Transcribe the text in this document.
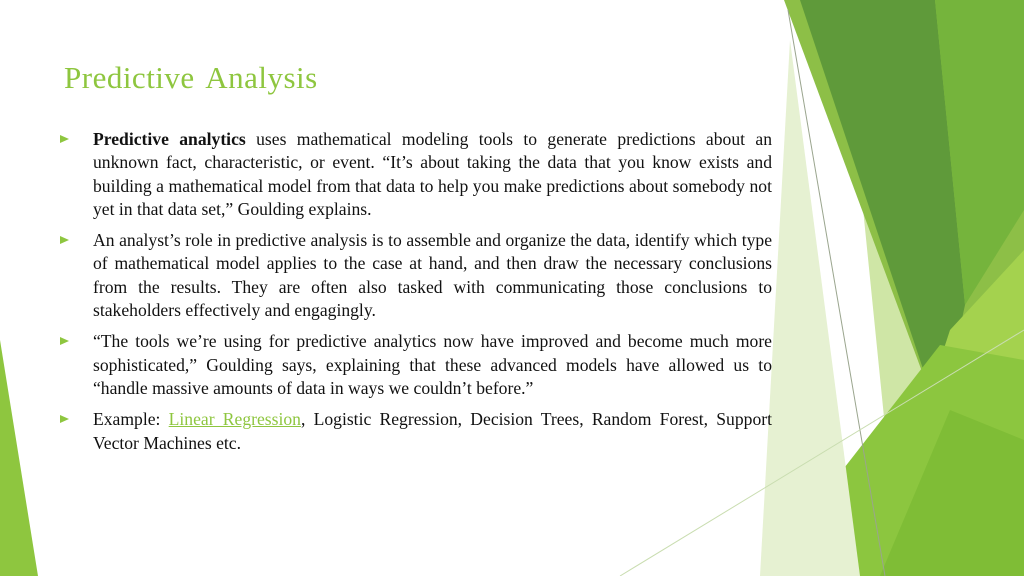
Predictive Analysis

Predictive analytics uses mathematical modeling tools to generate predictions about an unknown fact, characteristic, or event. “It’s about taking the data that you know exists and building a mathematical model from that data to help you make predictions about somebody not yet in that data set,” Goulding explains.

An analyst’s role in predictive analysis is to assemble and organize the data, identify which type of mathematical model applies to the case at hand, and then draw the necessary conclusions from the results. They are often also tasked with communicating those conclusions to stakeholders effectively and engagingly.

“The tools we’re using for predictive analytics now have improved and become much more sophisticated,” Goulding says, explaining that these advanced models have allowed us to “handle massive amounts of data in ways we couldn’t before.”

Example: Linear Regression, Logistic Regression, Decision Trees, Random Forest, Support Vector Machines etc.
